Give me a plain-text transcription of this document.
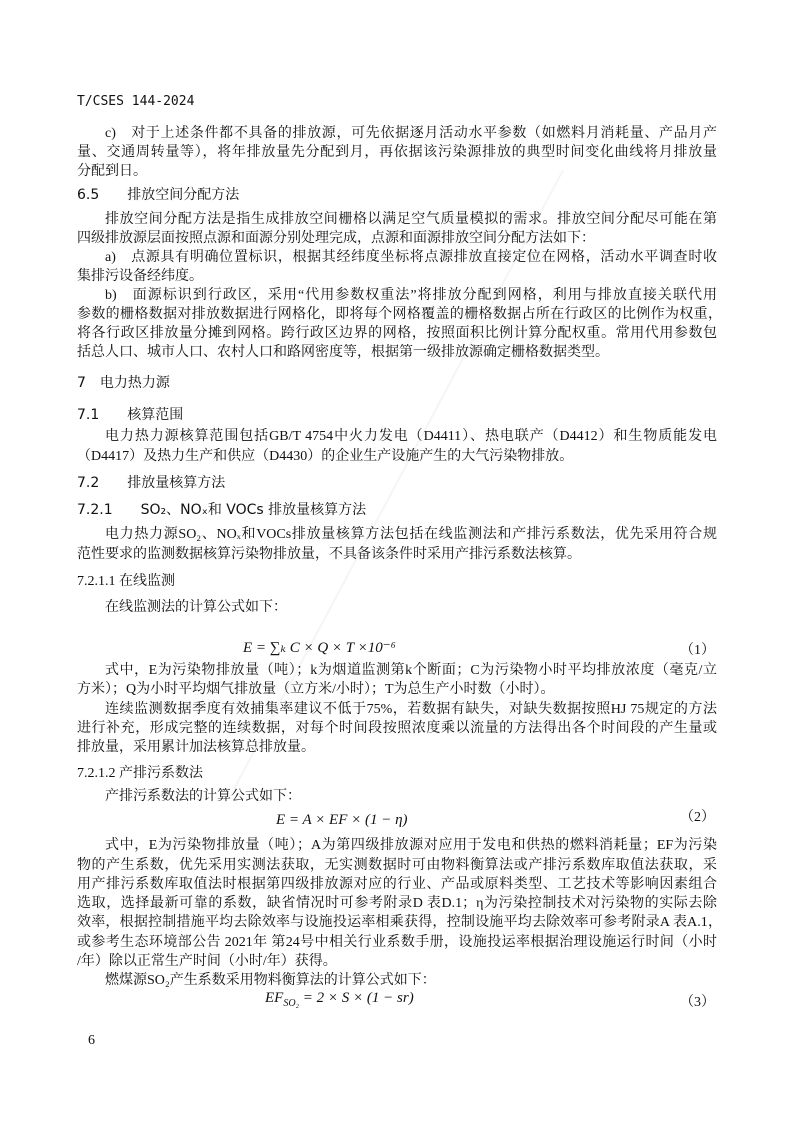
T/CSES 144-2024
c)　对于上述条件都不具备的排放源，可先依据逐月活动水平参数（如燃料月消耗量、产品月产
量、交通周转量等），将年排放量先分配到月，再依据该污染源排放的典型时间变化曲线将月排放量
分配到日。
6.5　　排放空间分配方法
排放空间分配方法是指生成排放空间栅格以满足空气质量模拟的需求。排放空间分配尽可能在第
四级排放源层面按照点源和面源分别处理完成，点源和面源排放空间分配方法如下：
a)　点源具有明确位置标识，根据其经纬度坐标将点源排放直接定位在网格，活动水平调查时收
集排污设备经纬度。
b)　面源标识到行政区，采用“代用参数权重法”将排放分配到网格，利用与排放直接关联代用
参数的栅格数据对排放数据进行网格化，即将每个网格覆盖的栅格数据占所在行政区的比例作为权重，
将各行政区排放量分摊到网格。跨行政区边界的网格，按照面积比例计算分配权重。常用代用参数包
括总人口、城市人口、农村人口和路网密度等，根据第一级排放源确定栅格数据类型。
7　电力热力源
7.1　　核算范围
电力热力源核算范围包括GB/T 4754中火力发电（D4411）、热电联产（D4412）和生物质能发电
（D4417）及热力生产和供应（D4430）的企业生产设施产生的大气污染物排放。
7.2　　排放量核算方法
7.2.1　　SO₂、NOₓ和 VOCs 排放量核算方法
电力热力源SO₂、NOₓ和VOCs排放量核算方法包括在线监测法和产排污系数法，优先采用符合规
范性要求的监测数据核算污染物排放量，不具备该条件时采用产排污系数法核算。
7.2.1.1 在线监测
在线监测法的计算公式如下：
式中，E为污染物排放量（吨）；k为烟道监测第k个断面；C为污染物小时平均排放浓度（毫克/立
方米）；Q为小时平均烟气排放量（立方米/小时）；T为总生产小时数（小时）。
连续监测数据季度有效捕集率建议不低于75%，若数据有缺失，对缺失数据按照HJ 75规定的方法
进行补充，形成完整的连续数据，对每个时间段按照浓度乘以流量的方法得出各个时间段的产生量或
排放量，采用累计加法核算总排放量。
7.2.1.2 产排污系数法
产排污系数法的计算公式如下：
式中，E为污染物排放量（吨）；A为第四级排放源对应用于发电和供热的燃料消耗量；EF为污染
物的产生系数，优先采用实测法获取，无实测数据时可由物料衡算法或产排污系数库取值法获取，采
用产排污系数库取值法时根据第四级排放源对应的行业、产品或原料类型、工艺技术等影响因素组合
选取，选择最新可靠的系数，缺省情况时可参考附录D 表D.1；η为污染控制技术对污染物的实际去除
效率，根据控制措施平均去除效率与设施投运率相乘获得，控制设施平均去除效率可参考附录A 表A.1，
或参考生态环境部公告 2021年 第24号中相关行业系数手册，设施投运率根据治理设施运行时间（小时
/年）除以正常生产时间（小时/年）获得。
燃煤源SO₂产生系数采用物料衡算法的计算公式如下：
E = ∑ₖ C × Q × T ×10⁻⁶	（1）
E = A × EF × (1 − η)	（2）
$EF_{SO_2} = 2 \times S \times (1 - sr)$	（3）
6
